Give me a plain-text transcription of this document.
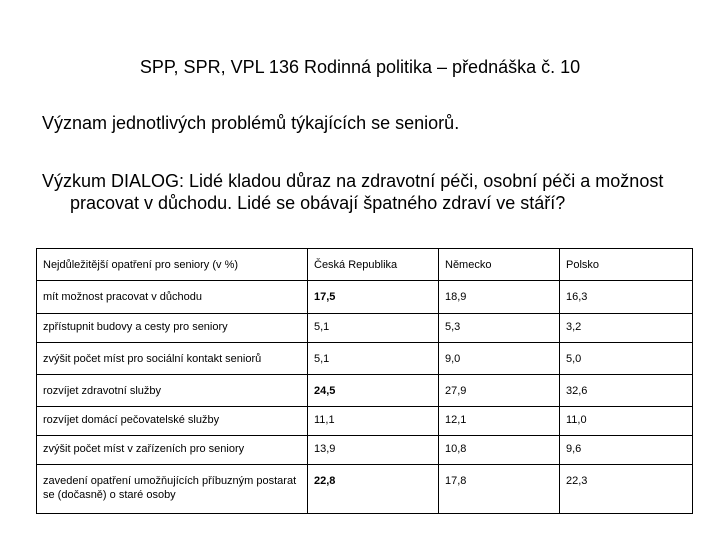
SPP, SPR, VPL 136 Rodinná politika – přednáška č. 10

Význam jednotlivých problémů týkajících se seniorů.

Výzkum DIALOG: Lidé kladou důraz na zdravotní péči, osobní péči a možnost pracovat v důchodu. Lidé se obávají špatného zdraví ve stáří?

Nejdůležitější opatření pro seniory (v %)	Česká Republika	Německo	Polsko
mít možnost pracovat v důchodu	17,5	18,9	16,3
zpřístupnit budovy a cesty pro seniory	5,1	5,3	3,2
zvýšit počet míst pro sociální kontakt seniorů	5,1	9,0	5,0
rozvíjet zdravotní služby	24,5	27,9	32,6
rozvíjet domácí pečovatelské služby	11,1	12,1	11,0
zvýšit počet míst v zařízeních pro seniory	13,9	10,8	9,6
zavedení opatření umožňujících příbuzným postarat se (dočasně) o staré osoby	22,8	17,8	22,3
